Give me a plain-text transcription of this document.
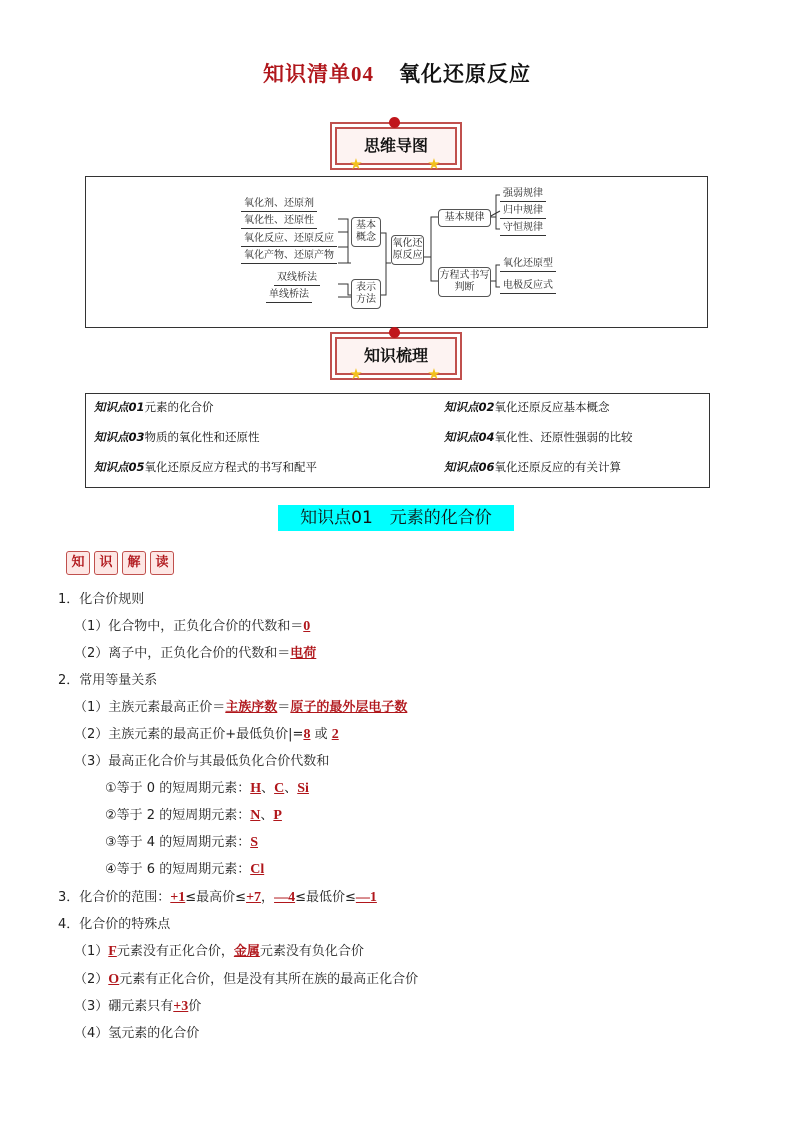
知识清单04 氧化还原反应
思维导图
★	★
氧化剂、还原剂
氧化性、还原性
氧化反应、还原反应
氧化产物、还原产物
双线桥法
单线桥法
基本概念
表示方法
氧化还原反应
基本规律
方程式书写判断
强弱规律
归中规律
守恒规律
氧化还原型
电极反应式
知识梳理
★	★
知识点01元素的化合价	知识点02氧化还原反应基本概念
知识点03物质的氧化性和还原性	知识点04氧化性、还原性强弱的比较
知识点05氧化还原反应方程式的书写和配平	知识点06氧化还原反应的有关计算
知识点01　元素的化合价
知 识 解 读
1．化合价规则
（1）化合物中，正负化合价的代数和＝0
（2）离子中，正负化合价的代数和＝电荷
2．常用等量关系
（1）主族元素最高正价＝主族序数＝原子的最外层电子数
（2）主族元素的最高正价+最低负价|=8 或 2
（3）最高正化合价与其最低负化合价代数和
①等于 0 的短周期元素：H、C、Si
②等于 2 的短周期元素：N、P
③等于 4 的短周期元素：S
④等于 6 的短周期元素：Cl
3．化合价的范围：+1≤最高价≤+7，—4≤最低价≤—1
4．化合价的特殊点
（1）F元素没有正化合价，金属元素没有负化合价
（2）O元素有正化合价，但是没有其所在族的最高正化合价
（3）硼元素只有+3价
（4）氢元素的化合价
